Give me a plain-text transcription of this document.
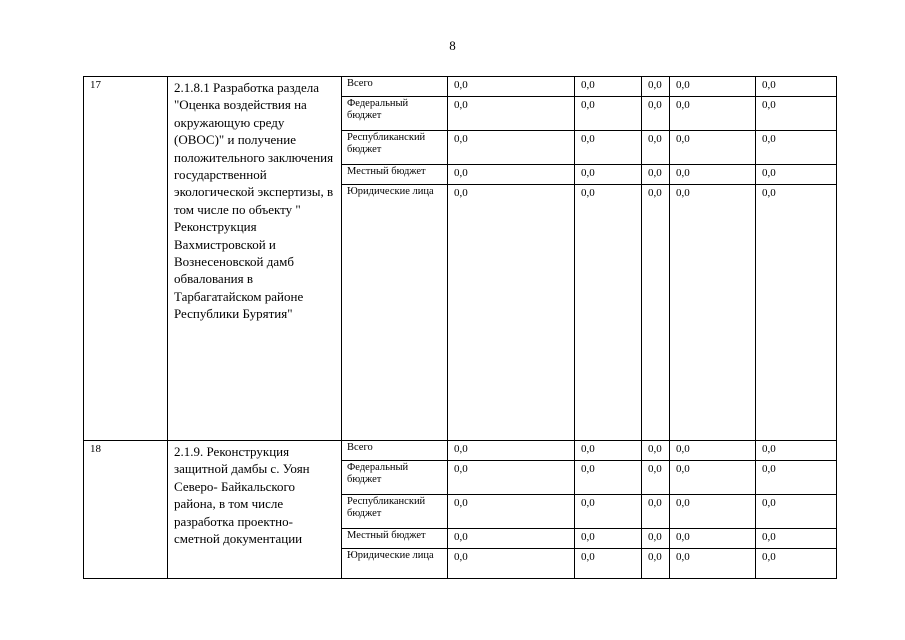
8
17	2.1.8.1 Разработка раздела "Оценка воздействия на окружающую среду (ОВОС)" и получение положительного заключения государственной экологической экспертизы, в том числе по объекту " Реконструкция Вахмистровской и Вознесеновской дамб обвалования в Тарбагатайском районе Республики Бурятия"	Всего	0,0	0,0	0,0	0,0	0,0
		Федеральный бюджет	0,0	0,0	0,0	0,0	0,0
		Республиканский бюджет	0,0	0,0	0,0	0,0	0,0
		Местный бюджет	0,0	0,0	0,0	0,0	0,0
		Юридические лица	0,0	0,0	0,0	0,0	0,0
18	2.1.9. Реконструкция защитной дамбы с. Уоян Северо- Байкальского района, в том числе разработка проектно-сметной документации	Всего	0,0	0,0	0,0	0,0	0,0
		Федеральный бюджет	0,0	0,0	0,0	0,0	0,0
		Республиканский бюджет	0,0	0,0	0,0	0,0	0,0
		Местный бюджет	0,0	0,0	0,0	0,0	0,0
		Юридические лица	0,0	0,0	0,0	0,0	0,0
